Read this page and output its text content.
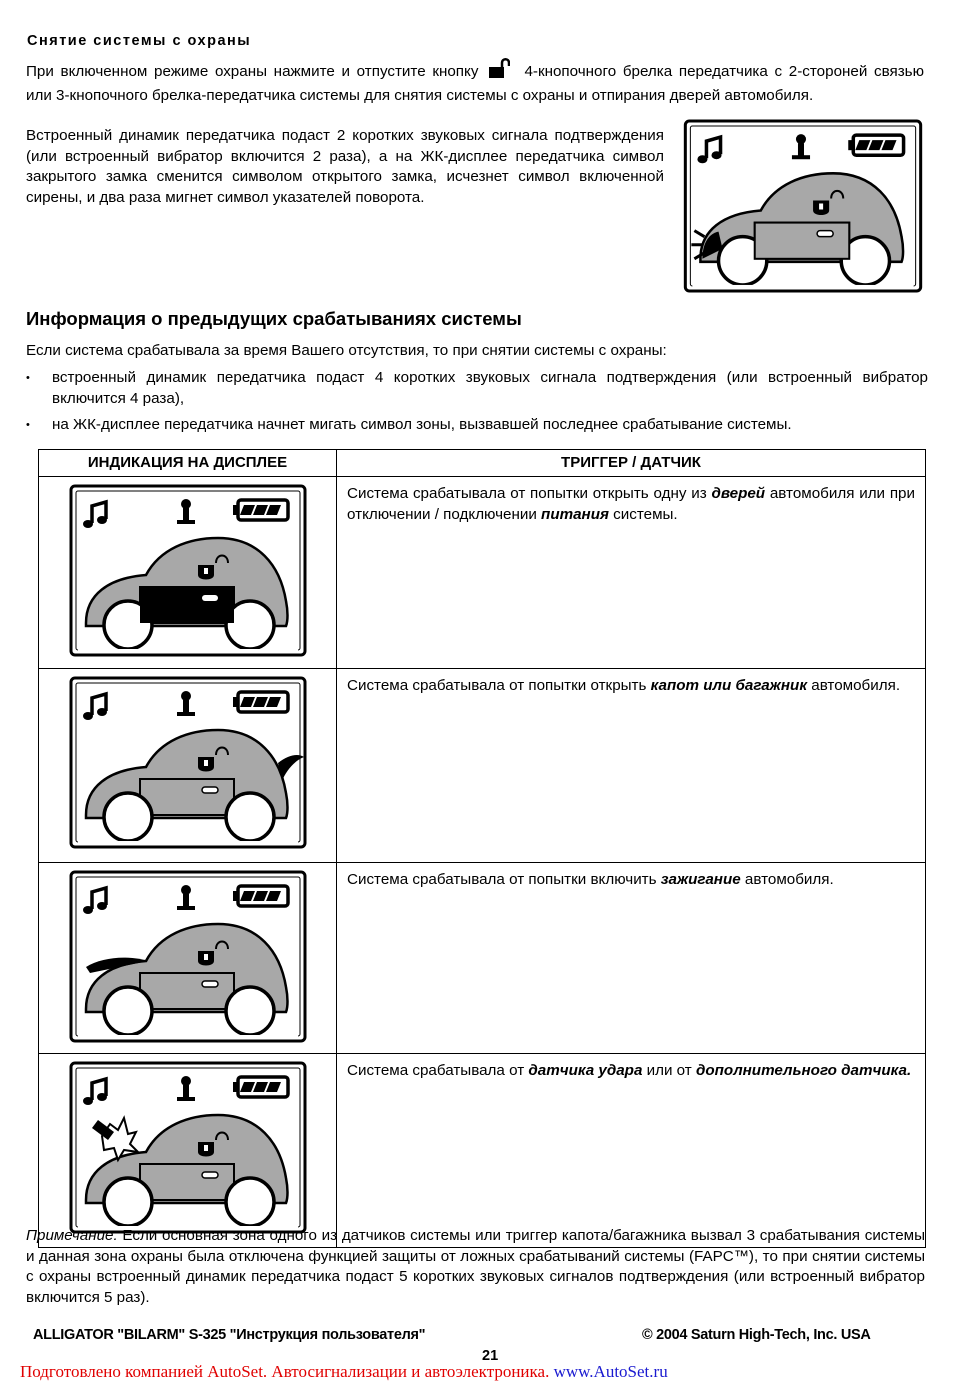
Снятие системы с охраны
При включенном режиме охраны нажмите и отпустите кнопку	4-кнопочного брелка передатчика с 2-стороней связью или 3-кнопочного брелка-передатчика системы для снятия системы с охраны и отпирания дверей автомобиля.
Встроенный динамик передатчика подаст 2 коротких звуковых сигнала подтверждения (или встроенный вибратор включится 2 раза), а на ЖК-дисплее передатчика символ закрытого замка сменится символом открытого замка, исчезнет символ включенной сирены, и два раза мигнет символ указателей поворота.
Информация о предыдущих срабатываниях системы
Если система срабатывала за время Вашего отсутствия, то при снятии системы с охраны:
• встроенный динамик передатчика подаст 4 коротких звуковых сигнала подтверждения (или встроенный вибратор включится 4 раза),
• на ЖК-дисплее передатчика начнет мигать символ зоны, вызвавшей последнее срабатывание системы.
ИНДИКАЦИЯ НА ДИСПЛЕЕ	ТРИГГЕР / ДАТЧИК

	Система срабатывала от попытки открыть одну из дверей автомобиля или при отключении / подключении питания системы.

	Система срабатывала от попытки открыть капот или багажник автомобиля.

	Система срабатывала от попытки включить зажигание автомобиля.

	Система срабатывала от датчика удара или от дополнительного датчика.
Примечание: Если основная зона одного из датчиков системы или триггер капота/багажника вызвал 3 срабатывания системы и данная зона охраны была отключена функцией защиты от ложных срабатываний системы (FAPC™), то при снятии системы с охраны встроенный динамик передатчика подаст 5 коротких звуковых сигналов подтверждения (или встроенный вибратор включится 5 раз).
ALLIGATOR "BILARM" S-325 "Инструкция пользователя"	© 2004 Saturn High-Tech, Inc. USA
21
Подготовлено компанией AutoSet. Автосигнализации и автоэлектроника. www.AutoSet.ru
